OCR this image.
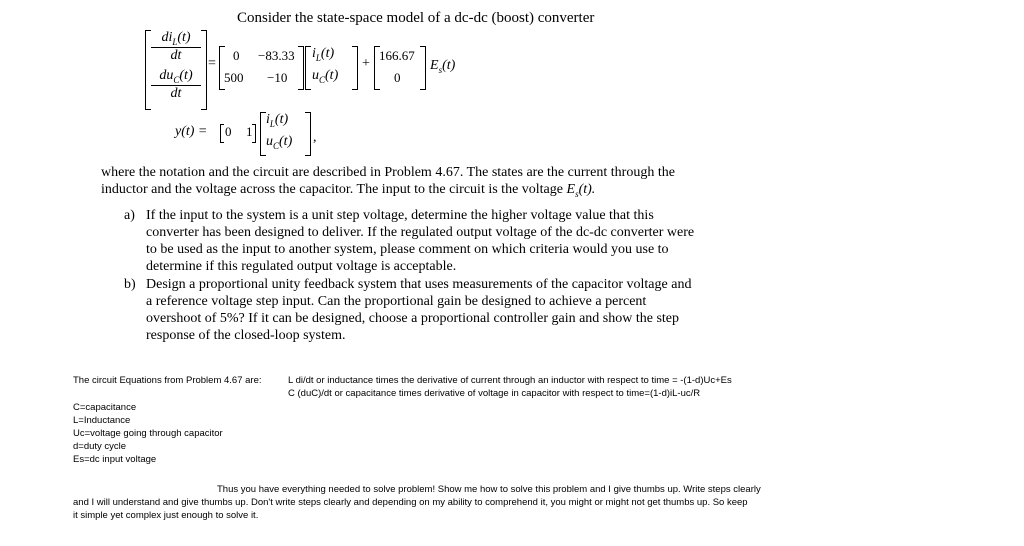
Consider the state-space model of a dc-dc (boost) converter
$di_L(t)$
dt
$du_C(t)$
dt
=
0 −83.33
500 −10
$i_L(t)$
$u_C(t)$
+
166.67
0
$E_s(t)$
y(t) = 0 1
$i_L(t)$
$u_C(t)$ ,
where the notation and the circuit are described in Problem 4.67. The states are the current through the
inductor and the voltage across the capacitor. The input to the circuit is the voltage $E_s(t)$.
a) If the input to the system is a unit step voltage, determine the higher voltage value that this
converter has been designed to deliver. If the regulated output voltage of the dc-dc converter were
to be used as the input to another system, please comment on which criteria would you use to
determine if this regulated output voltage is acceptable.
b) Design a proportional unity feedback system that uses measurements of the capacitor voltage and
a reference voltage step input. Can the proportional gain be designed to achieve a percent
overshoot of 5%? If it can be designed, choose a proportional controller gain and show the step
response of the closed-loop system.
The circuit Equations from Problem 4.67 are:	L di/dt or inductance times the derivative of current through an inductor with respect to time = -(1-d)Uc+Es
C (duC)/dt or capacitance times derivative of voltage in capacitor with respect to time=(1-d)iL-uc/R
C=capacitance
L=Inductance
Uc=voltage going through capacitor
d=duty cycle
Es=dc input voltage
Thus you have everything needed to solve problem! Show me how to solve this problem and I give thumbs up. Write steps clearly
and I will understand and give thumbs up. Don't write steps clearly and depending on my ability to comprehend it, you might or might not get thumbs up. So keep
it simple yet complex just enough to solve it.
